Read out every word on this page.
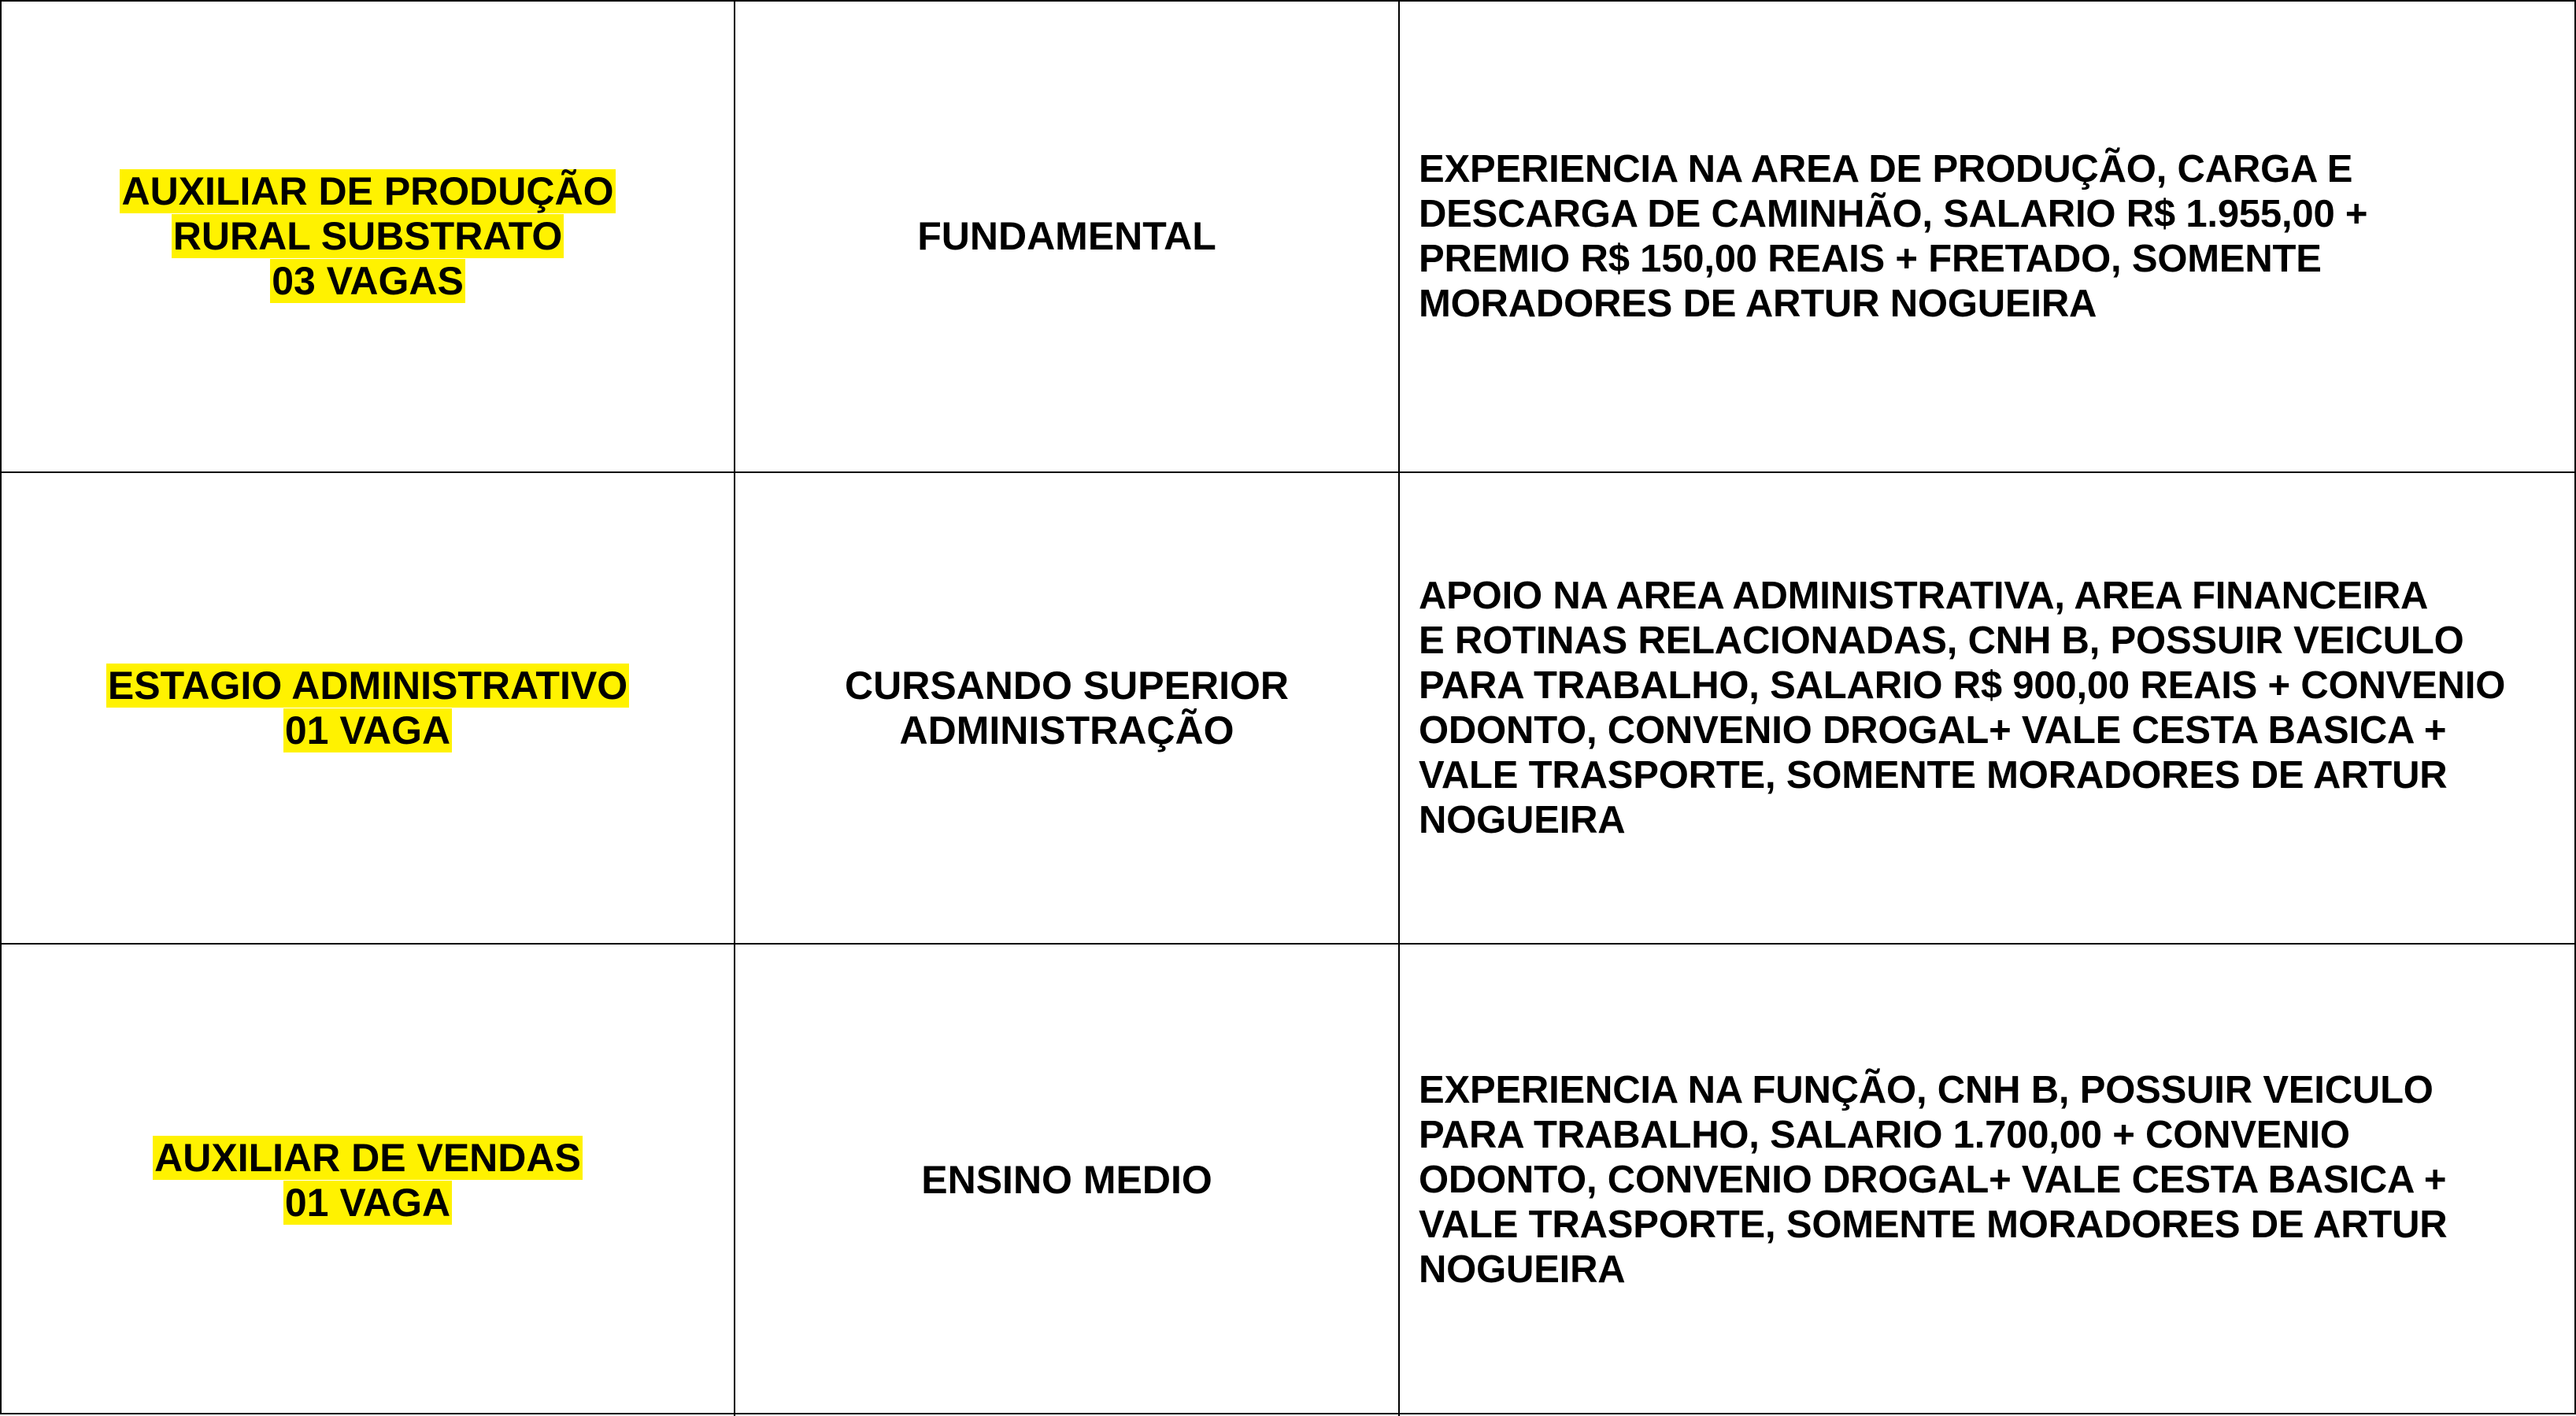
AUXILIAR DE PRODUÇÃO
RURAL SUBSTRATO
03 VAGAS
FUNDAMENTAL
EXPERIENCIA NA AREA DE PRODUÇÃO, CARGA E
DESCARGA DE CAMINHÃO, SALARIO R$ 1.955,00 +
PREMIO R$ 150,00 REAIS + FRETADO, SOMENTE
MORADORES DE ARTUR NOGUEIRA
ESTAGIO ADMINISTRATIVO
01 VAGA
CURSANDO SUPERIOR
ADMINISTRAÇÃO
APOIO NA AREA ADMINISTRATIVA, AREA FINANCEIRA
E ROTINAS RELACIONADAS, CNH B, POSSUIR VEICULO
PARA TRABALHO, SALARIO R$ 900,00 REAIS + CONVENIO
ODONTO, CONVENIO DROGAL+ VALE CESTA BASICA +
VALE TRASPORTE, SOMENTE MORADORES DE ARTUR
NOGUEIRA
AUXILIAR DE VENDAS
01 VAGA
ENSINO MEDIO
EXPERIENCIA NA FUNÇÃO, CNH B, POSSUIR VEICULO
PARA TRABALHO, SALARIO 1.700,00 + CONVENIO
ODONTO, CONVENIO DROGAL+ VALE CESTA BASICA +
VALE TRASPORTE, SOMENTE MORADORES DE ARTUR
NOGUEIRA
